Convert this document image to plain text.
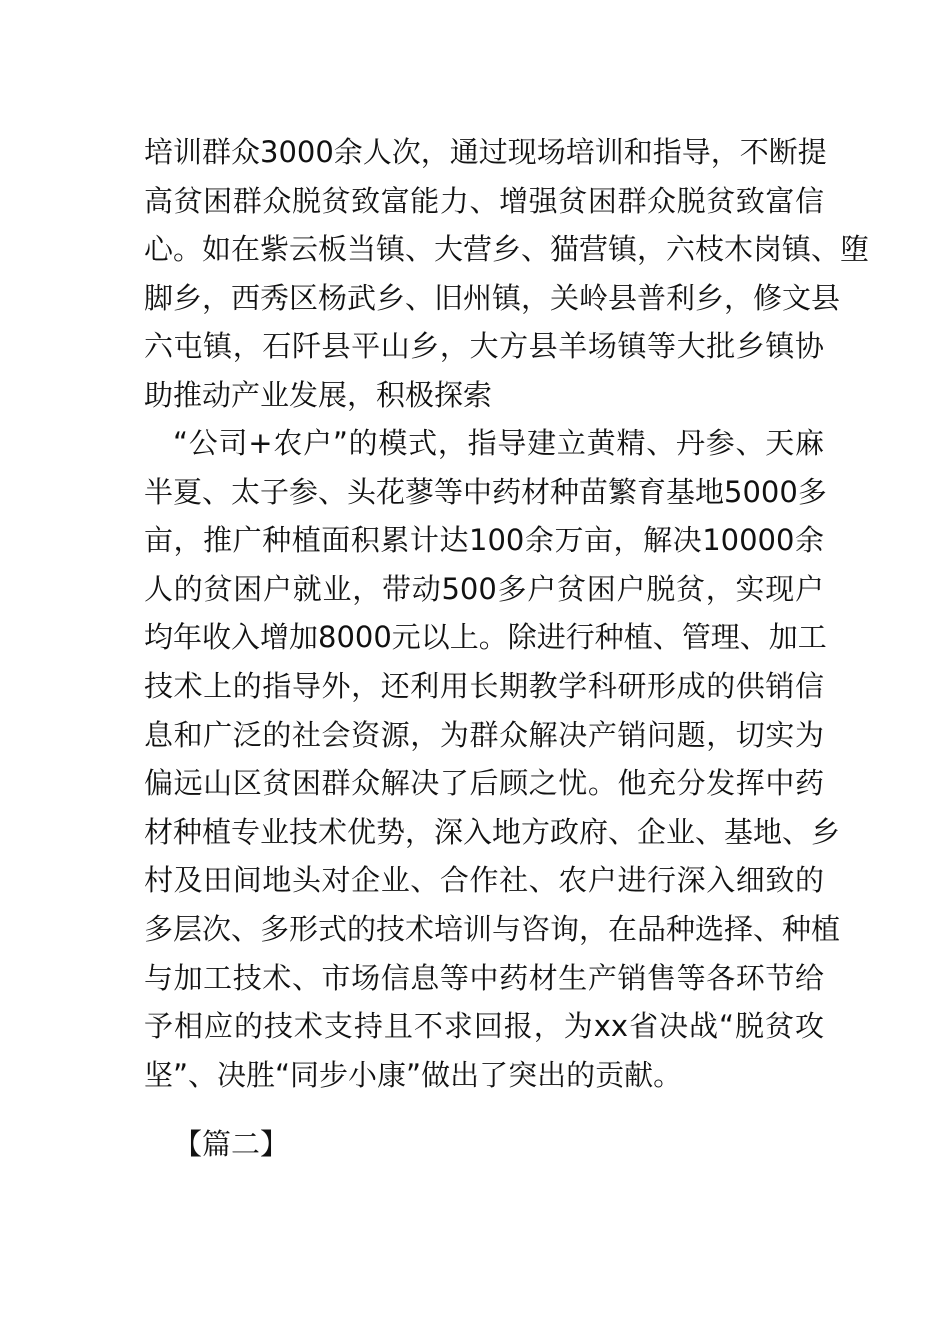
培训群众3000余人次，通过现场培训和指导，不断提
高贫困群众脱贫致富能力、增强贫困群众脱贫致富信
心。如在紫云板当镇、大营乡、猫营镇，六枝木岗镇、堕
脚乡，西秀区杨武乡、旧州镇，关岭县普利乡，修文县
六屯镇，石阡县平山乡，大方县羊场镇等大批乡镇协
助推动产业发展，积极探索
“公司+农户”的模式，指导建立黄精、丹参、天麻
半夏、太子参、头花蓼等中药材种苗繁育基地5000多
亩，推广种植面积累计达100余万亩，解决10000余
人的贫困户就业，带动500多户贫困户脱贫，实现户
均年收入增加8000元以上。除进行种植、管理、加工
技术上的指导外，还利用长期教学科研形成的供销信
息和广泛的社会资源，为群众解决产销问题，切实为
偏远山区贫困群众解决了后顾之忧。他充分发挥中药
材种植专业技术优势，深入地方政府、企业、基地、乡
村及田间地头对企业、合作社、农户进行深入细致的
多层次、多形式的技术培训与咨询，在品种选择、种植
与加工技术、市场信息等中药材生产销售等各环节给
予相应的技术支持且不求回报，为xx省决战“脱贫攻
坚”、决胜“同步小康”做出了突出的贡献。
【篇二】
